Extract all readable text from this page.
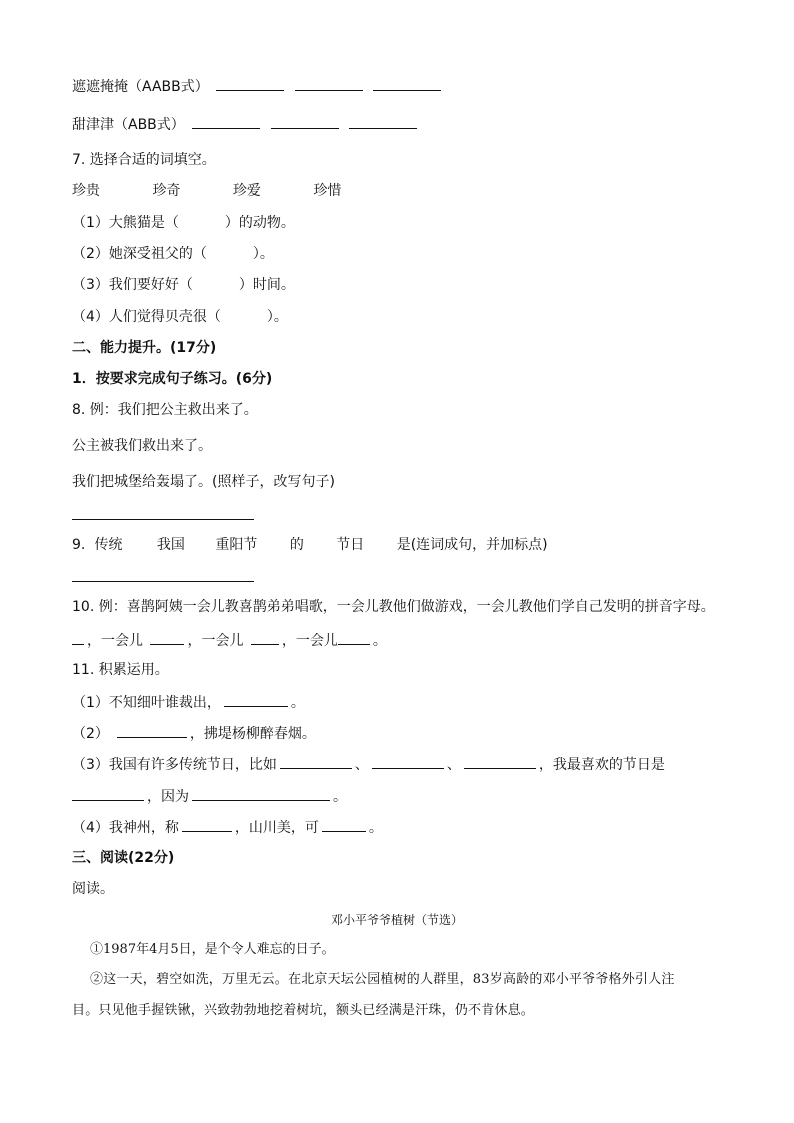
遮遮掩掩（AABB式）
甜津津（ABB式）
7. 选择合适的词填空。
珍贵	珍奇	珍爱	珍惜
（1）大熊猫是（	）的动物。
（2）她深受祖父的（	）。
（3）我们要好好（	）时间。
（4）人们觉得贝壳很（	）。
二、能力提升。(17分)
1．按要求完成句子练习。(6分)
8. 例：我们把公主救出来了。
公主被我们救出来了。
我们把城堡给轰塌了。(照样子，改写句子)
9. 传统 我国 重阳节 的 节日 是(连词成句，并加标点)
10. 例：喜鹊阿姨一会儿教喜鹊弟弟唱歌，一会儿教他们做游戏，一会儿教他们学自己发明的拼音字母。
，一会儿	，一会儿	，一会儿	。
11. 积累运用。
（1）不知细叶谁裁出，	。
（2）	，拂堤杨柳醉春烟。
（3）我国有许多传统节日，比如	、	、	，我最喜欢的节日是
，因为	。
（4）我神州，称	，山川美，可	。
三、阅读(22分)
阅读。
邓小平爷爷植树（节选）
①1987年4月5日，是个令人难忘的日子。
②这一天，碧空如洗，万里无云。在北京天坛公园植树的人群里，83岁高龄的邓小平爷爷格外引人注
目。只见他手握铁锹，兴致勃勃地挖着树坑，额头已经满是汗珠，仍不肯休息。
